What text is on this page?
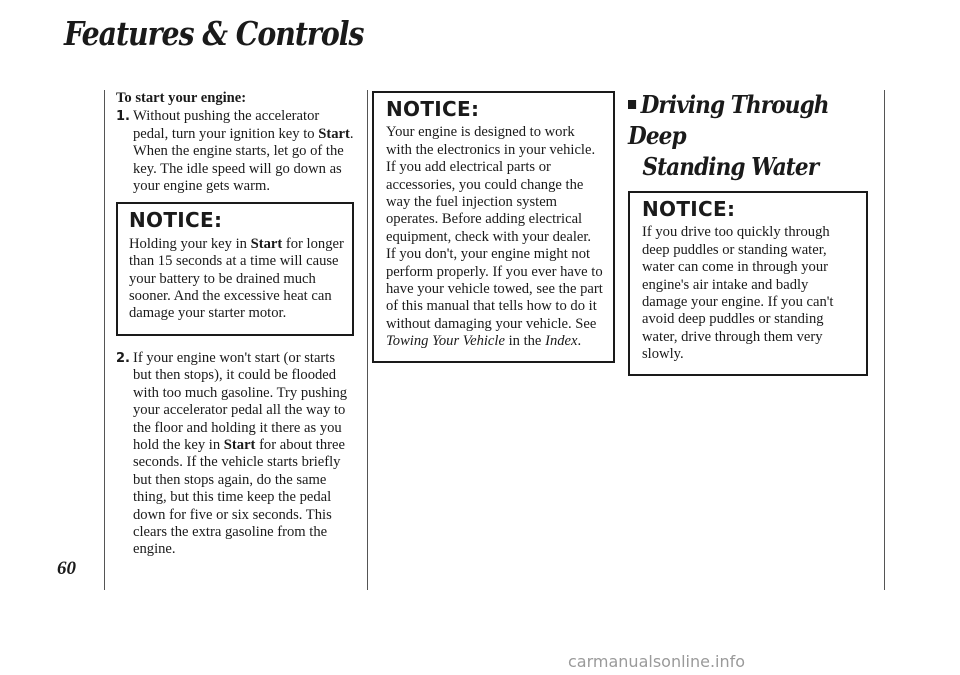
Features & Controls
60
To start your engine:
1. Without pushing the accelerator pedal, turn your ignition key to Start. When the engine starts, let go of the key. The idle speed will go down as your engine gets warm.
NOTICE:
Holding your key in Start for longer than 15 seconds at a time will cause your battery to be drained much sooner. And the excessive heat can damage your starter motor.
2. If your engine won't start (or starts but then stops), it could be flooded with too much gasoline. Try pushing your accelerator pedal all the way to the floor and holding it there as you hold the key in Start for about three seconds. If the vehicle starts briefly but then stops again, do the same thing, but this time keep the pedal down for five or six seconds. This clears the extra gasoline from the engine.
NOTICE:
Your engine is designed to work with the electronics in your vehicle. If you add electrical parts or accessories, you could change the way the fuel injection system operates. Before adding electrical equipment, check with your dealer. If you don't, your engine might not perform properly. If you ever have to have your vehicle towed, see the part of this manual that tells how to do it without damaging your vehicle. See Towing Your Vehicle in the Index.
Driving Through Deep
Standing Water
NOTICE:
If you drive too quickly through deep puddles or standing water, water can come in through your engine's air intake and badly damage your engine. If you can't avoid deep puddles or standing water, drive through them very slowly.
carmanualsonline.info
